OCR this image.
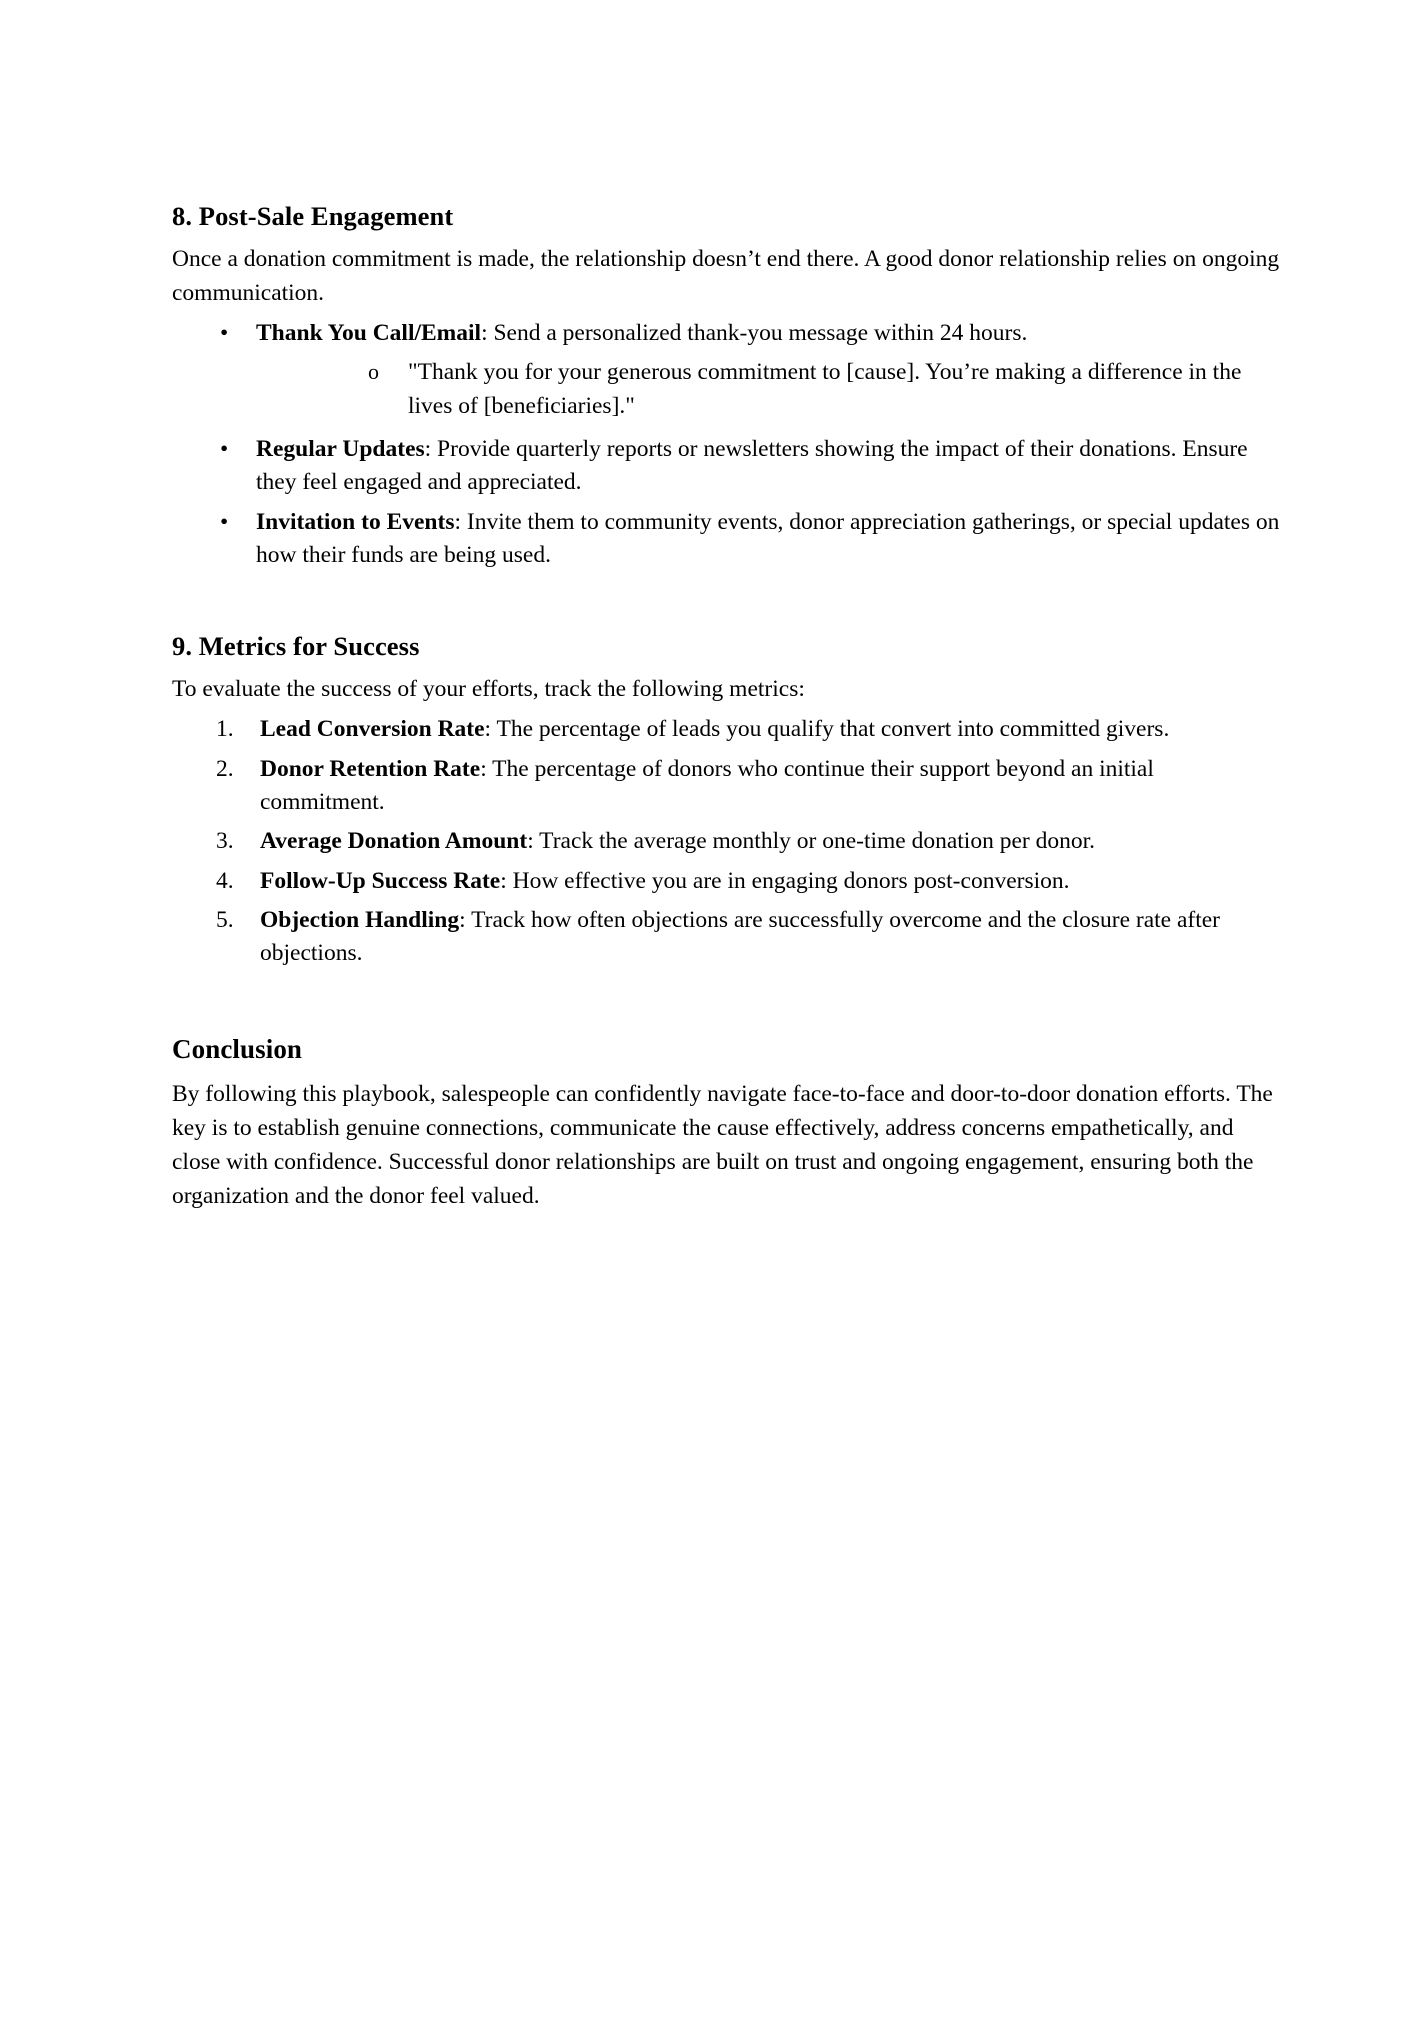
8. Post-Sale Engagement

Once a donation commitment is made, the relationship doesn’t end there. A good donor relationship relies on ongoing communication.

• Thank You Call/Email: Send a personalized thank-you message within 24 hours.
o "Thank you for your generous commitment to [cause]. You’re making a difference in the lives of [beneficiaries]."
• Regular Updates: Provide quarterly reports or newsletters showing the impact of their donations. Ensure they feel engaged and appreciated.
• Invitation to Events: Invite them to community events, donor appreciation gatherings, or special updates on how their funds are being used.
9. Metrics for Success

To evaluate the success of your efforts, track the following metrics:

1. Lead Conversion Rate: The percentage of leads you qualify that convert into committed givers.
2. Donor Retention Rate: The percentage of donors who continue their support beyond an initial commitment.
3. Average Donation Amount: Track the average monthly or one-time donation per donor.
4. Follow-Up Success Rate: How effective you are in engaging donors post-conversion.
5. Objection Handling: Track how often objections are successfully overcome and the closure rate after objections.
Conclusion

By following this playbook, salespeople can confidently navigate face-to-face and door-to-door donation efforts. The key is to establish genuine connections, communicate the cause effectively, address concerns empathetically, and close with confidence. Successful donor relationships are built on trust and ongoing engagement, ensuring both the organization and the donor feel valued.
